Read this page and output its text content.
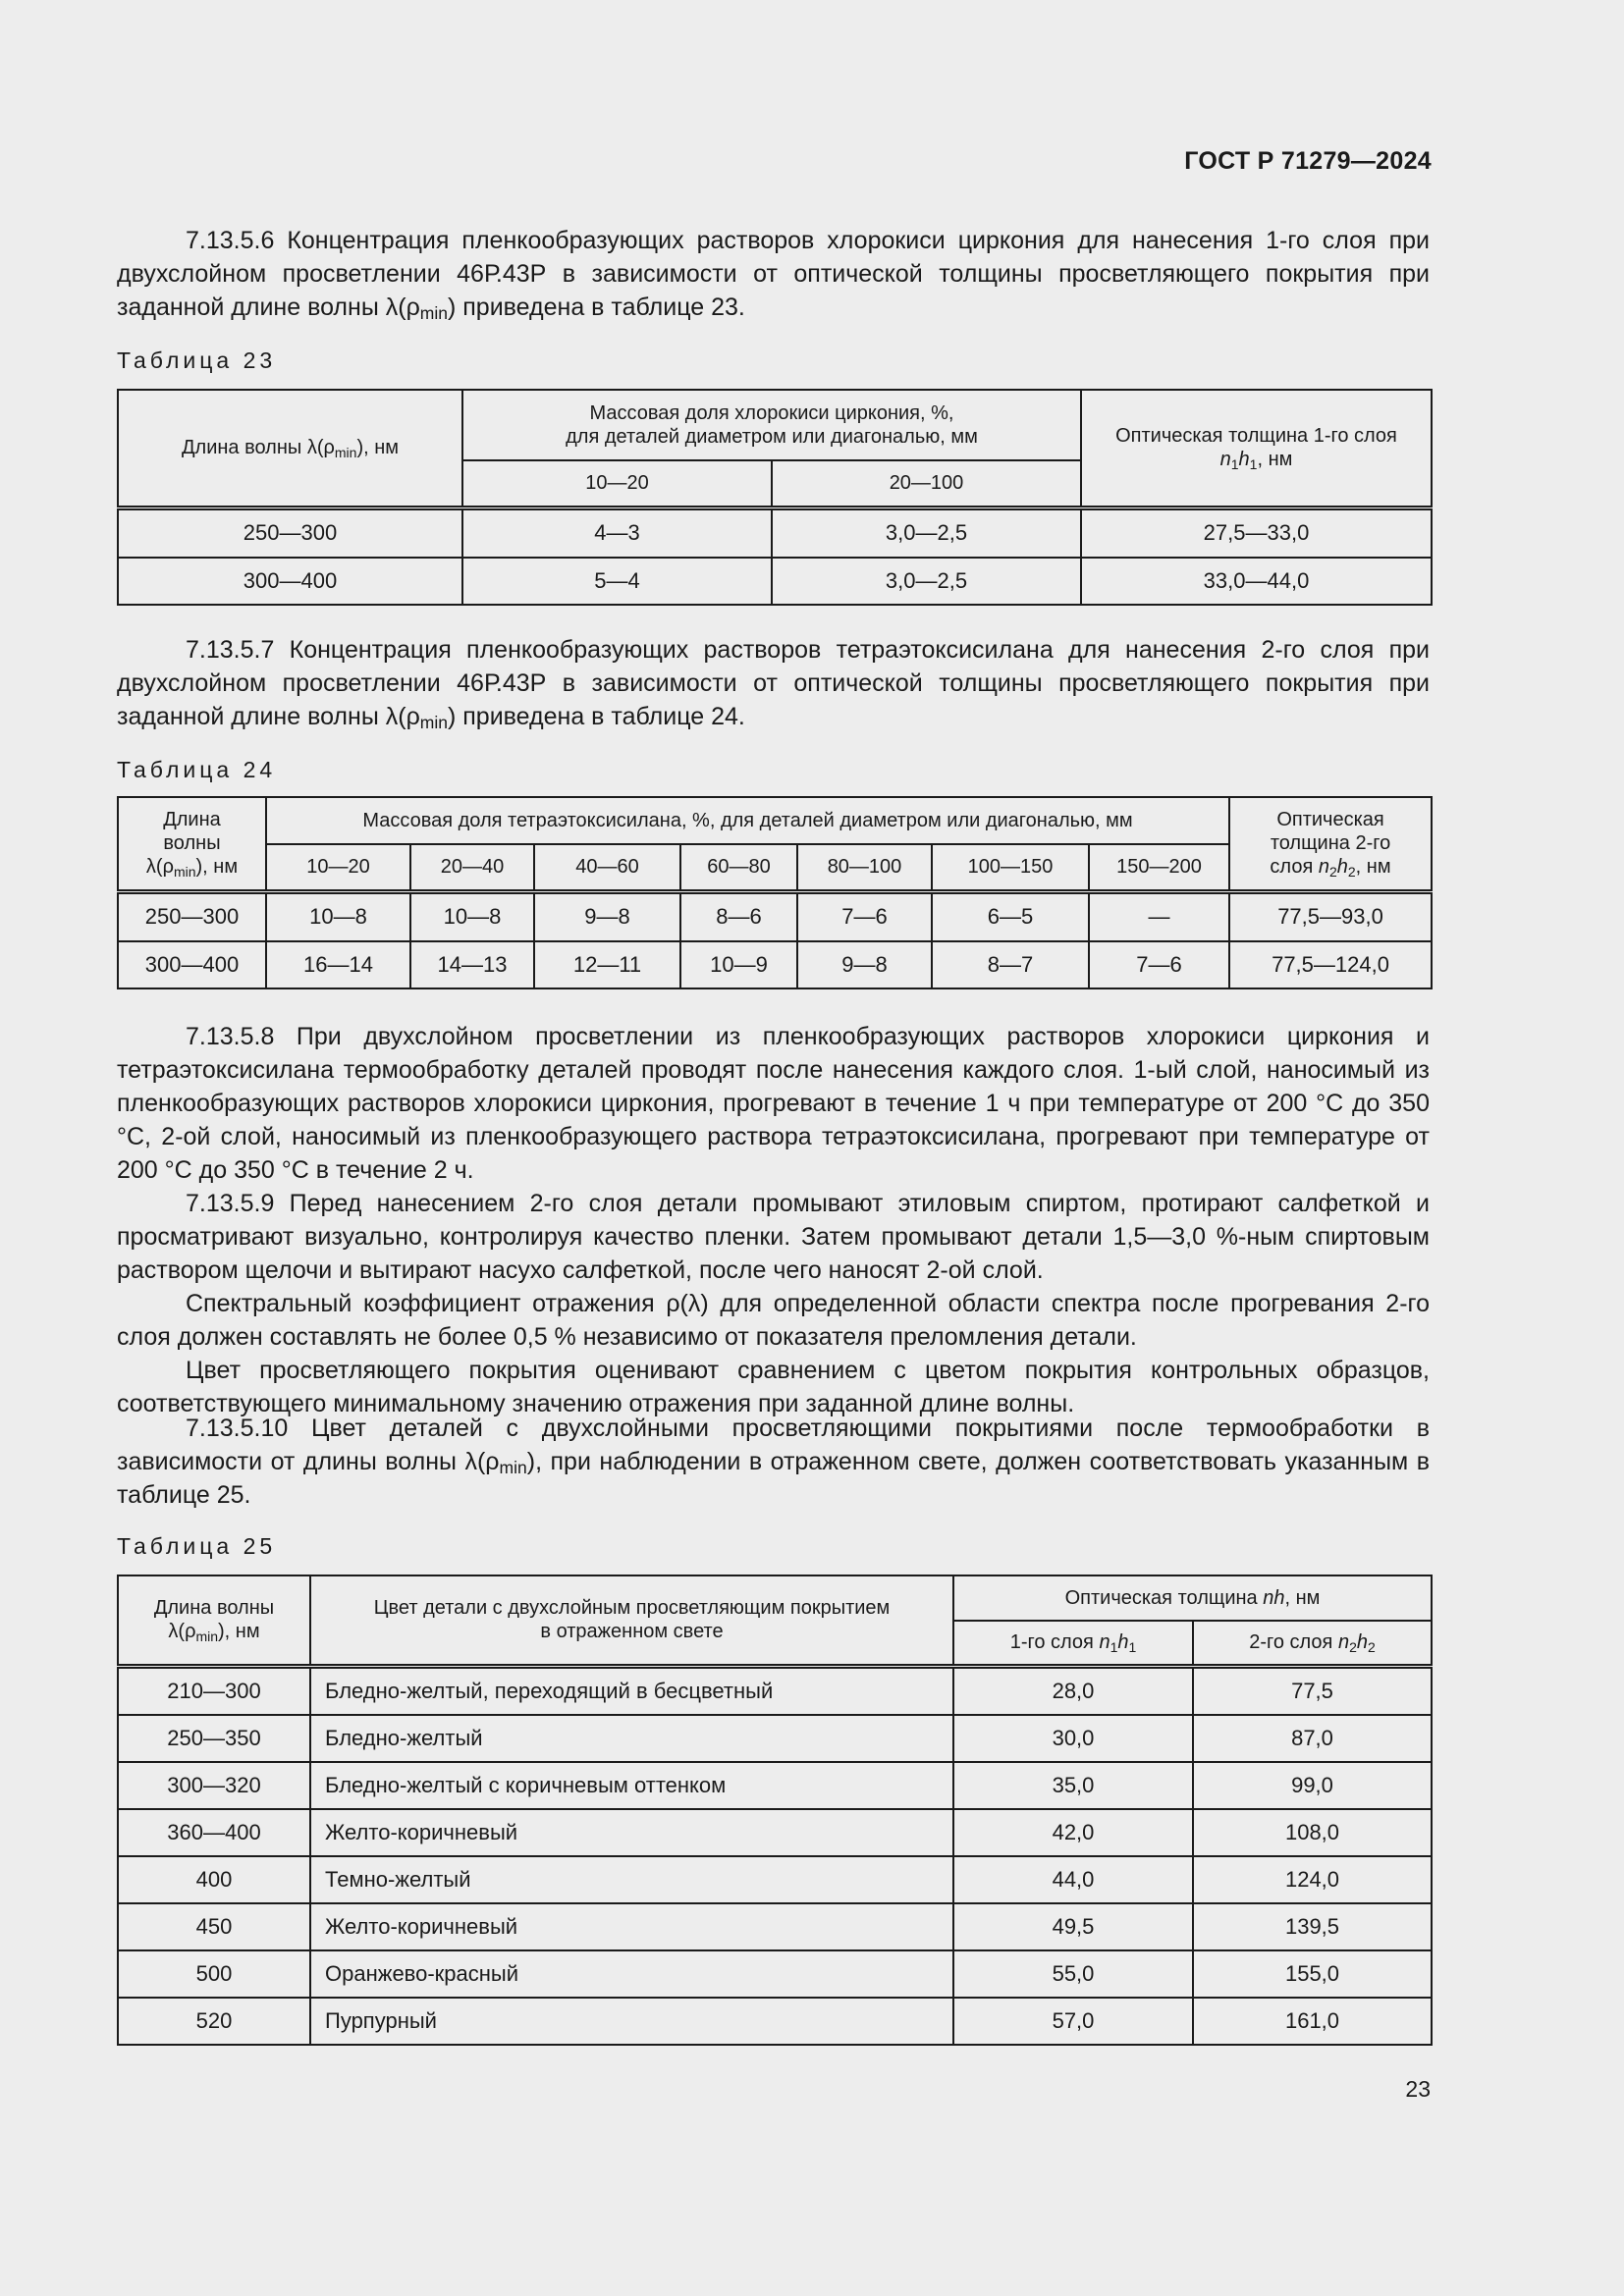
ГОСТ Р 71279—2024

7.13.5.6 Концентрация пленкообразующих растворов хлорокиси циркония для нанесения 1-го слоя при двухслойном просветлении 46Р.43Р в зависимости от оптической толщины просветляющего покрытия при заданной длине волны $\lambda(\rho_{min})$ приведена в таблице 23.

Таблица 23
Длина волны $\lambda(\rho_{min})$, нм	Массовая доля хлорокиси циркония, %,
для деталей диаметром или диагональю, мм		Оптическая толщина 1-го слоя
$n_1h_1$, нм
	10—20	20—100	
250—300	4—3	3,0—2,5	27,5—33,0
300—400	5—4	3,0—2,5	33,0—44,0

7.13.5.7 Концентрация пленкообразующих растворов тетраэтоксисилана для нанесения 2-го слоя при двухслойном просветлении 46Р.43Р в зависимости от оптической толщины просветляющего покрытия при заданной длине волны $\lambda(\rho_{min})$ приведена в таблице 24.

Таблица 24
Длина
волны
$\lambda(\rho_{min})$, нм	Массовая доля тетраэтоксисилана, %, для деталей диаметром или диагональю, мм							Оптическая
толщина 2-го
слоя $n_2h_2$, нм
	10—20	20—40	40—60	60—80	80—100	100—150	150—200	
250—300	10—8	10—8	9—8	8—6	7—6	6—5	—	77,5—93,0
300—400	16—14	14—13	12—11	10—9	9—8	8—7	7—6	77,5—124,0

7.13.5.8 При двухслойном просветлении из пленкообразующих растворов хлорокиси циркония и тетраэтоксисилана термообработку деталей проводят после нанесения каждого слоя. 1-ый слой, наносимый из пленкообразующих растворов хлорокиси циркония, прогревают в течение 1 ч при температуре от 200 °С до 350 °С, 2-ой слой, наносимый из пленкообразующего раствора тетраэтоксисилана, прогревают при температуре от 200 °С до 350 °С в течение 2 ч.

7.13.5.9 Перед нанесением 2-го слоя детали промывают этиловым спиртом, протирают салфеткой и просматривают визуально, контролируя качество пленки. Затем промывают детали 1,5—3,0 %-ным спиртовым раствором щелочи и вытирают насухо салфеткой, после чего наносят 2-ой слой.

Спектральный коэффициент отражения ρ(λ) для определенной области спектра после прогревания 2-го слоя должен составлять не более 0,5 % независимо от показателя преломления детали.

Цвет просветляющего покрытия оценивают сравнением с цветом покрытия контрольных образцов, соответствующего минимальному значению отражения при заданной длине волны.

7.13.5.10 Цвет деталей с двухслойными просветляющими покрытиями после термообработки в зависимости от длины волны $\lambda(\rho_{min})$, при наблюдении в отраженном свете, должен соответствовать указанным в таблице 25.

Таблица 25
Длина волны
$\lambda(\rho_{min})$, нм	Цвет детали с двухслойным просветляющим покрытием
в отраженном свете	Оптическая толщина nh, нм	
		1-го слоя $n_1h_1$	2-го слоя $n_2h_2$
210—300	Бледно-желтый, переходящий в бесцветный	28,0	77,5
250—350	Бледно-желтый	30,0	87,0
300—320	Бледно-желтый с коричневым оттенком	35,0	99,0
360—400	Желто-коричневый	42,0	108,0
400	Темно-желтый	44,0	124,0
450	Желто-коричневый	49,5	139,5
500	Оранжево-красный	55,0	155,0
520	Пурпурный	57,0	161,0
23
